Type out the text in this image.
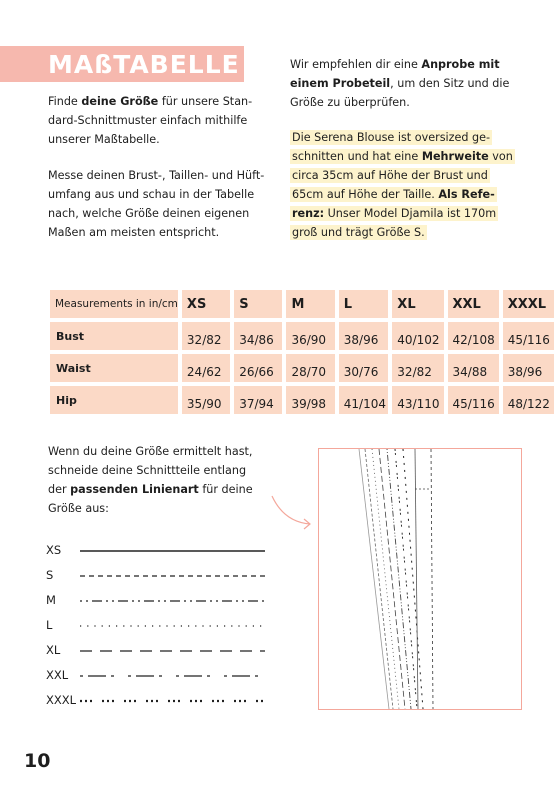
MAßTABELLE

Finde deine Größe für unsere Standard-Schnittmuster einfach mithilfe unserer Maßtabelle.

Messe deinen Brust-, Taillen- und Hüftumfang aus und schau in der Tabelle nach, welche Größe deinen eigenen Maßen am meisten entspricht.

Wir empfehlen dir eine Anprobe mit einem Probeteil, um den Sitz und die Größe zu überprüfen.

Die Serena Blouse ist oversized ge-
schnitten und hat eine Mehrweite von
circa 35cm auf Höhe der Brust und
65cm auf Höhe der Taille. Als Refe-
renz: Unser Model Djamila ist 170m
groß und trägt Größe S.
Measurements in in/cm	XS	S	M	L	XL	XXL	XXXL
Bust	32/82	34/86	36/90	38/96	40/102	42/108	45/116
Waist	24/62	26/66	28/70	30/76	32/82	34/88	38/96
Hip	35/90	37/94	39/98	41/104	43/110	45/116	48/122

Wenn du deine Größe ermittelt hast, schneide deine Schnittteile entlang der passenden Linienart für deine Größe aus:

XS
S
M
L
XL
XXL
XXXL
10
